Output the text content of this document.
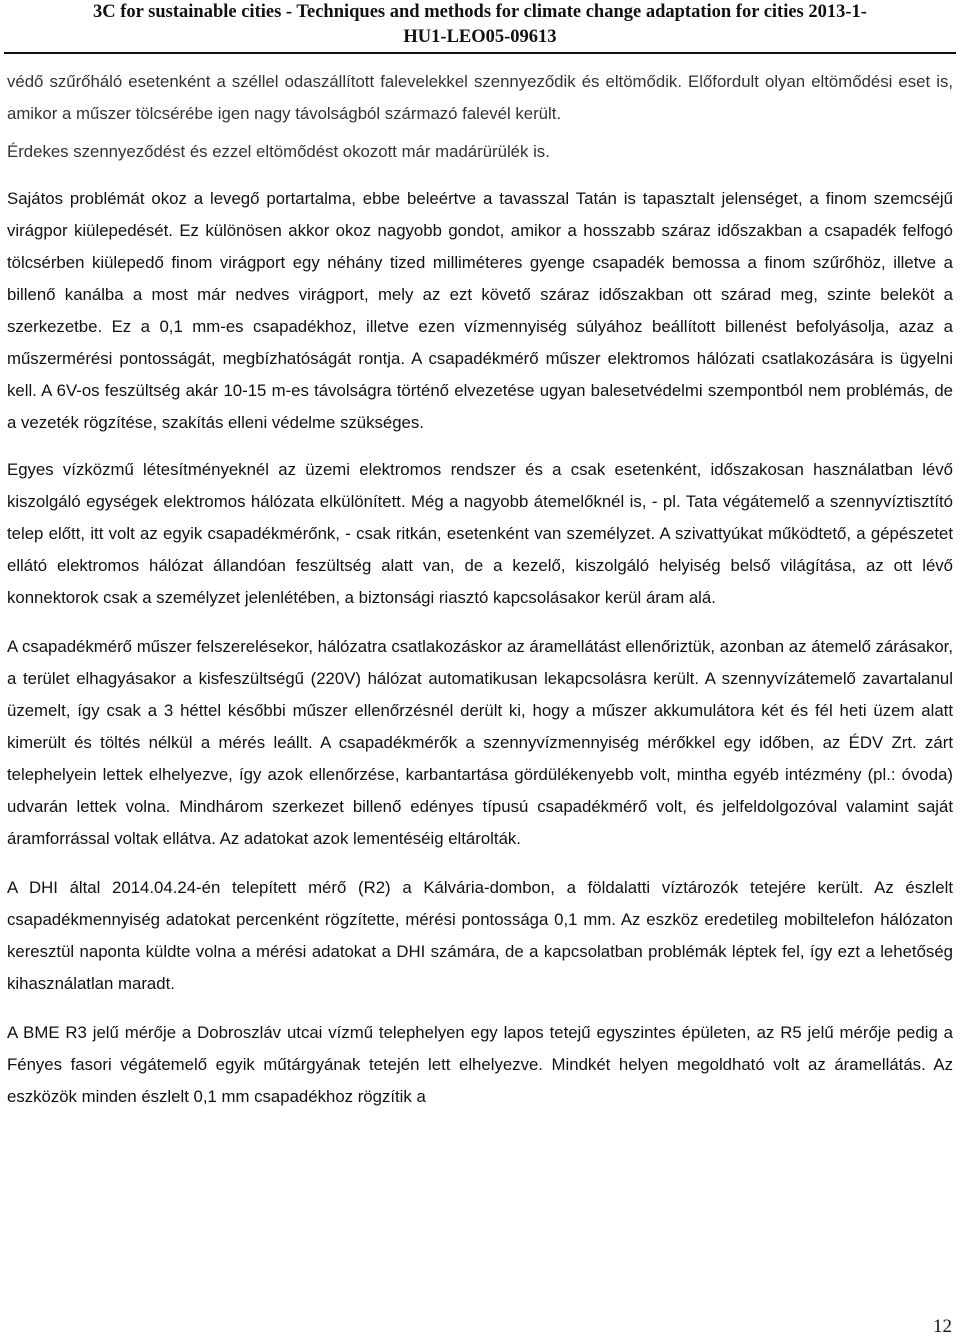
3C for sustainable cities - Techniques and methods for climate change adaptation for cities 2013-1-
HU1-LEO05-09613

védő szűrőháló esetenként a széllel odaszállított falevelekkel szennyeződik és eltömődik. Előfordult olyan eltömődési eset is, amikor a műszer tölcsérébe igen nagy távolságból származó falevél került.

Érdekes szennyeződést és ezzel eltömődést okozott már madárürülék is.

Sajátos problémát okoz a levegő portartalma, ebbe beleértve a tavasszal Tatán is tapasztalt jelenséget, a finom szemcséjű virágpor kiülepedését. Ez különösen akkor okoz nagyobb gondot, amikor a hosszabb száraz időszakban a csapadék felfogó tölcsérben kiülepedő finom virágport egy néhány tized milliméteres gyenge csapadék bemossa a finom szűrőhöz, illetve a billenő kanálba a most már nedves virágport, mely az ezt követő száraz időszakban ott szárad meg, szinte beleköt a szerkezetbe. Ez a 0,1 mm-es csapadékhoz, illetve ezen vízmennyiség súlyához beállított billenést befolyásolja, azaz a műszermérési pontosságát, megbízhatóságát rontja. A csapadékmérő műszer elektromos hálózati csatlakozására is ügyelni kell. A 6V-os feszültség akár 10-15 m-es távolságra történő elvezetése ugyan balesetvédelmi szempontból nem problémás, de a vezeték rögzítése, szakítás elleni védelme szükséges.

Egyes vízközmű létesítményeknél az üzemi elektromos rendszer és a csak esetenként, időszakosan használatban lévő kiszolgáló egységek elektromos hálózata elkülönített. Még a nagyobb átemelőknél is, - pl. Tata végátemelő a szennyvíztisztító telep előtt, itt volt az egyik csapadékmérőnk, - csak ritkán, esetenként van személyzet. A szivattyúkat működtető, a gépészetet ellátó elektromos hálózat állandóan feszültség alatt van, de a kezelő, kiszolgáló helyiség belső világítása, az ott lévő konnektorok csak a személyzet jelenlétében, a biztonsági riasztó kapcsolásakor kerül áram alá.

A csapadékmérő műszer felszerelésekor, hálózatra csatlakozáskor az áramellátást ellenőriztük, azonban az átemelő zárásakor, a terület elhagyásakor a kisfeszültségű (220V) hálózat automatikusan lekapcsolásra került. A szennyvízátemelő zavartalanul üzemelt, így csak a 3 héttel későbbi műszer ellenőrzésnél derült ki, hogy a műszer akkumulátora két és fél heti üzem alatt kimerült és töltés nélkül a mérés leállt. A csapadékmérők a szennyvízmennyiség mérőkkel egy időben, az ÉDV Zrt. zárt telephelyein lettek elhelyezve, így azok ellenőrzése, karbantartása gördülékenyebb volt, mintha egyéb intézmény (pl.: óvoda) udvarán lettek volna. Mindhárom szerkezet billenő edényes típusú csapadékmérő volt, és jelfeldolgozóval valamint saját áramforrással voltak ellátva. Az adatokat azok lementéséig eltárolták.

A DHI által 2014.04.24-én telepített mérő (R2) a Kálvária-dombon, a földalatti víztározók tetejére került. Az észlelt csapadékmennyiség adatokat percenként rögzítette, mérési pontossága 0,1 mm. Az eszköz eredetileg mobiltelefon hálózaton keresztül naponta küldte volna a mérési adatokat a DHI számára, de a kapcsolatban problémák léptek fel, így ezt a lehetőség kihasználatlan maradt.

A BME R3 jelű mérője a Dobroszláv utcai vízmű telephelyen egy lapos tetejű egyszintes épületen, az R5 jelű mérője pedig a Fényes fasori végátemelő egyik műtárgyának tetején lett elhelyezve. Mindkét helyen megoldható volt az áramellátás. Az eszközök minden észlelt 0,1 mm csapadékhoz rögzítik a

12
